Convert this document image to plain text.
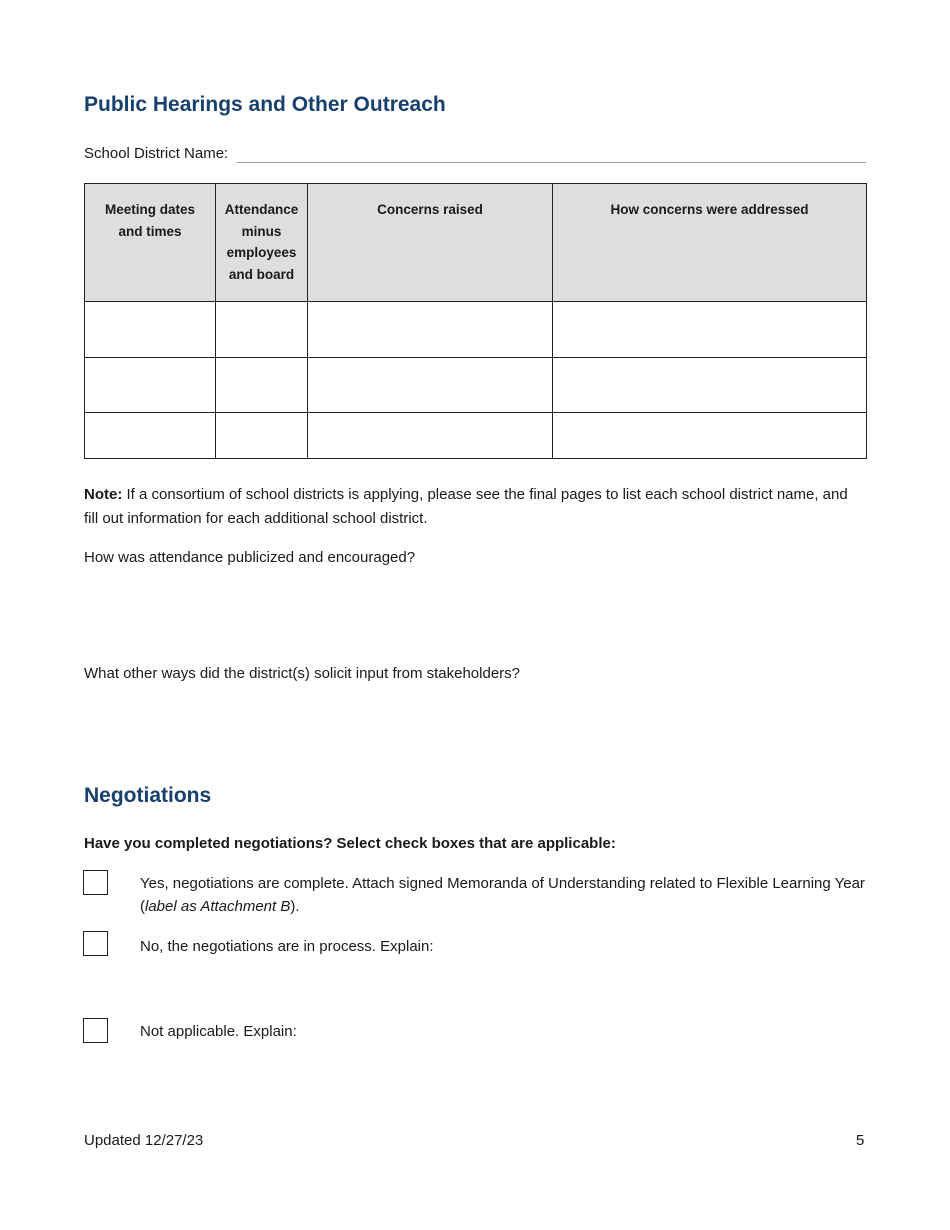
Public Hearings and Other Outreach
School District Name:
Meeting dates and times	Attendance minus employees and board	Concerns raised	How concerns were addressed

Note: If a consortium of school districts is applying, please see the final pages to list each school district name, and fill out information for each additional school district.

How was attendance publicized and encouraged?

What other ways did the district(s) solicit input from stakeholders?

Negotiations

Have you completed negotiations? Select check boxes that are applicable:

Yes, negotiations are complete. Attach signed Memoranda of Understanding related to Flexible Learning Year (label as Attachment B).
No, the negotiations are in process. Explain:
Not applicable. Explain:
Updated 12/27/23	5
